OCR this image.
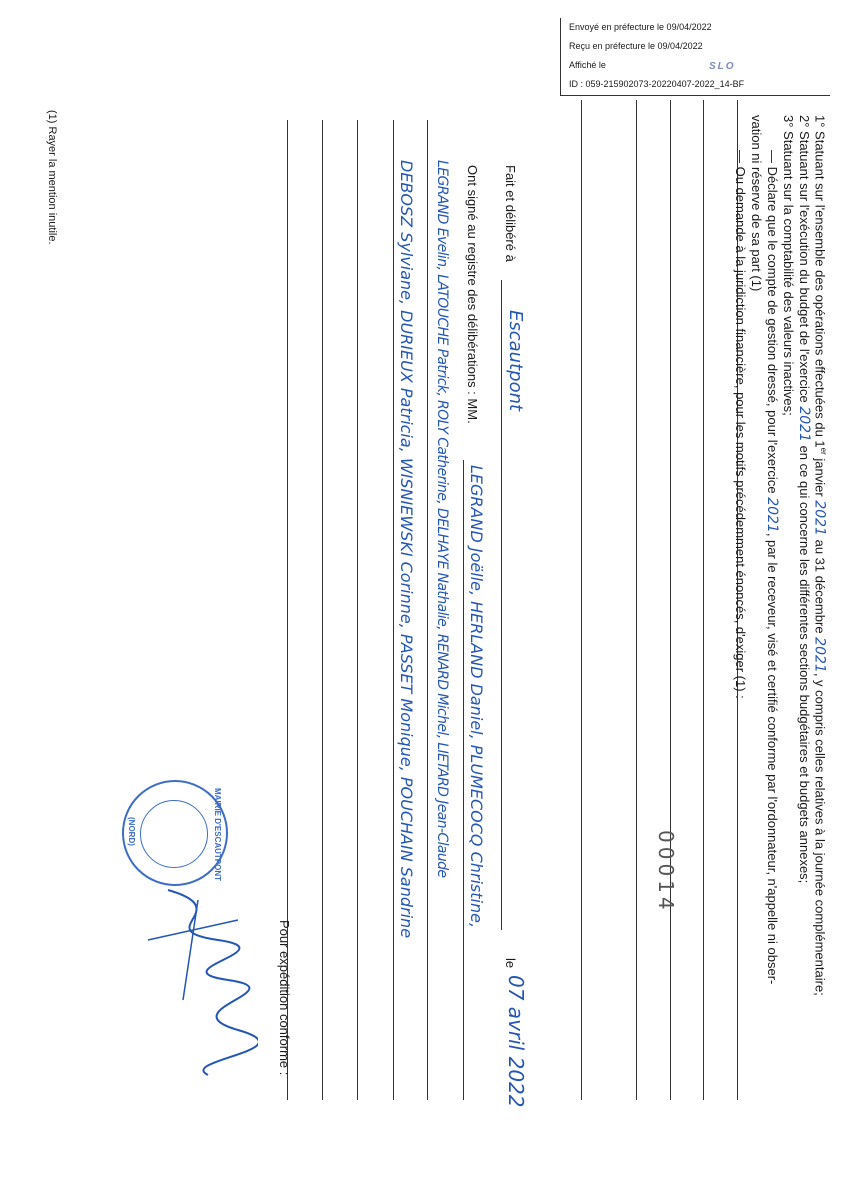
Envoyé en préfecture le 09/04/2022
Reçu en préfecture le 09/04/2022
Affiché le
ID : 059-215902073-20220407-2022_14-BF
SLO
1° Statuant sur l'ensemble des opérations effectuées du 1er janvier 2021 au 31 décembre 2021, y compris celles relatives à la journée complémentaire;
2° Statuant sur l'exécution du budget de l'exercice 2021 en ce qui concerne les différentes sections budgétaires et budgets annexes;
3° Statuant sur la comptabilité des valeurs inactives;
— Déclare que le compte de gestion dressé, pour l'exercice 2021, par le receveur, visé et certifié conforme par l'ordonnateur, n'appelle ni obser-
vation ni réserve de sa part (1)
— Ou demande à la juridiction financière, pour les motifs précédemment énoncés, d'exiger (1) :
00014
Fait et délibéré à
Escautpont
le
07 avril 2022
Ont signé au registre des délibérations : MM.
LEGRAND Joëlle, HERLAND Daniel, PLUMECOCQ Christine,
LEGRAND Evelin, LATOUCHE Patrick, ROLY Catherine, DELHAYE Nathalie, RENARD Michel, LIETARD Jean-Claude
DEBOSZ Sylviane, DURIEUX Patricia, WISNIEWSKI Corinne, PASSET Monique, POUCHAIN Sandrine
Pour expédition conforme :
MAIRIE D'ESCAUTPONT
(NORD)
(1) Rayer la mention inutile.
